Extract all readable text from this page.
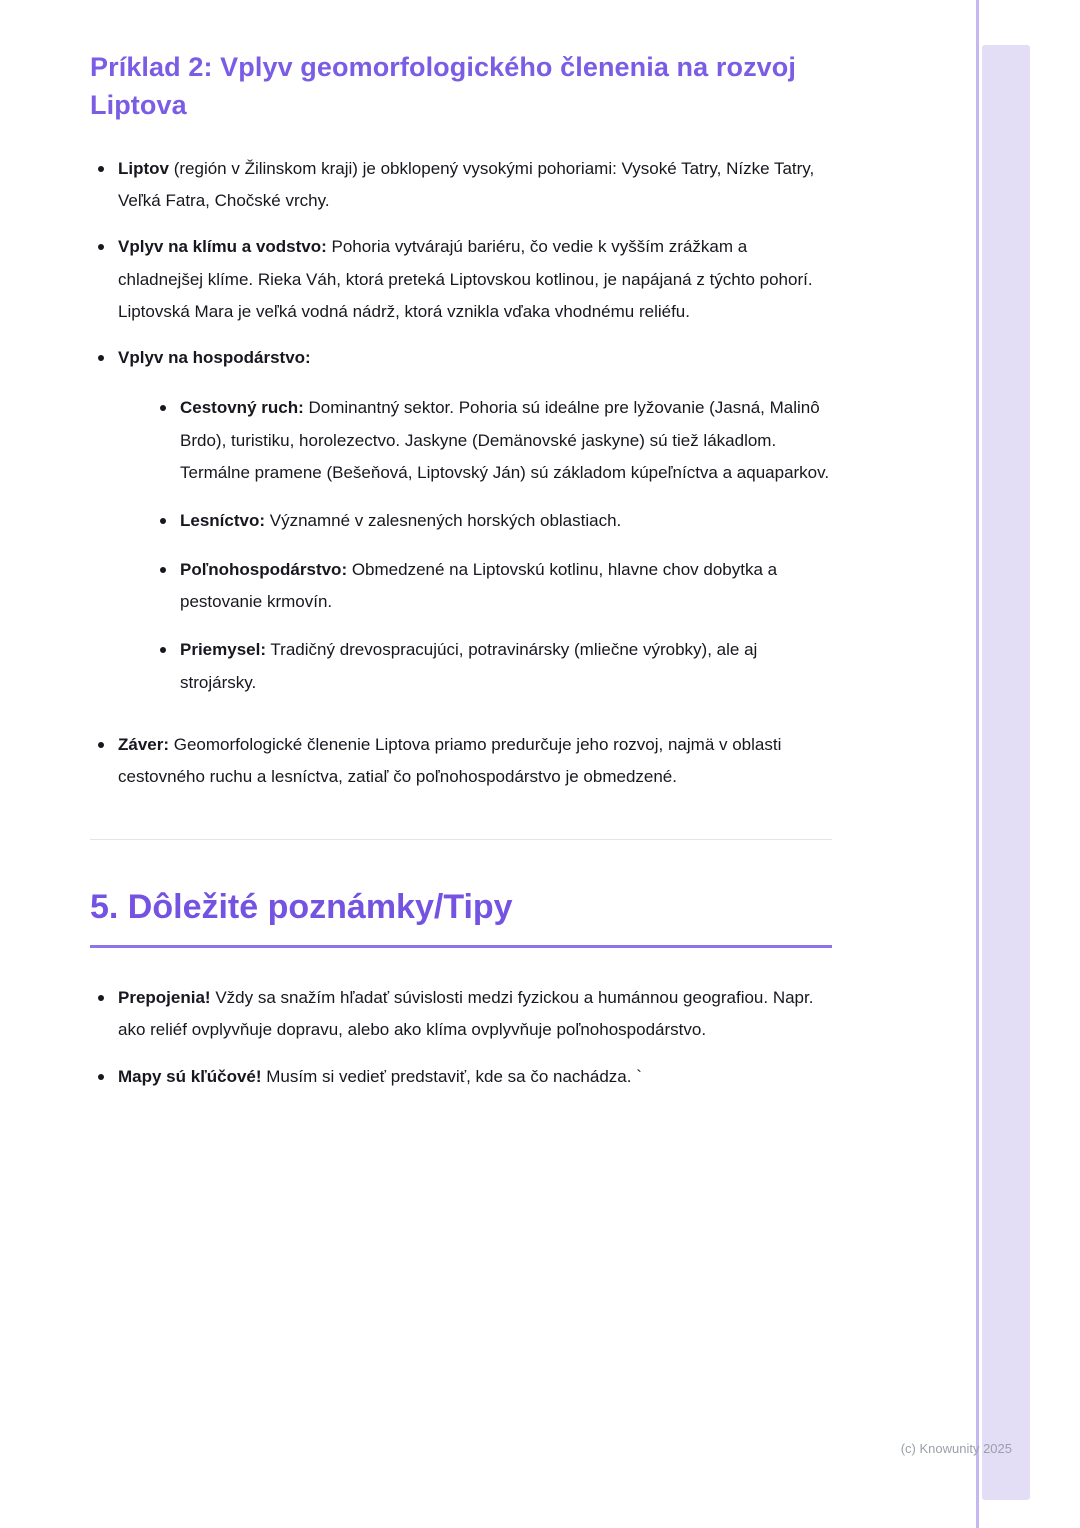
Príklad 2: Vplyv geomorfologického členenia na rozvoj Liptova

Liptov (región v Žilinskom kraji) je obklopený vysokými pohoriami: Vysoké Tatry, Nízke Tatry, Veľká Fatra, Chočské vrchy.

Vplyv na klímu a vodstvo: Pohoria vytvárajú bariéru, čo vedie k vyšším zrážkam a chladnejšej klíme. Rieka Váh, ktorá preteká Liptovskou kotlinou, je napájaná z týchto pohorí. Liptovská Mara je veľká vodná nádrž, ktorá vznikla vďaka vhodnému reliéfu.

Vplyv na hospodárstvo:

Cestovný ruch: Dominantný sektor. Pohoria sú ideálne pre lyžovanie (Jasná, Malinô Brdo), turistiku, horolezectvo. Jaskyne (Demänovské jaskyne) sú tiež lákadlom. Termálne pramene (Bešeňová, Liptovský Ján) sú základom kúpeľníctva a aquaparkov.

Lesníctvo: Významné v zalesnených horských oblastiach.

Poľnohospodárstvo: Obmedzené na Liptovskú kotlinu, hlavne chov dobytka a pestovanie krmovín.

Priemysel: Tradičný drevospracujúci, potravinársky (mliečne výrobky), ale aj strojársky.

Záver: Geomorfologické členenie Liptova priamo predurčuje jeho rozvoj, najmä v oblasti cestovného ruchu a lesníctva, zatiaľ čo poľnohospodárstvo je obmedzené.

5. Dôležité poznámky/Tipy

Prepojenia! Vždy sa snažím hľadať súvislosti medzi fyzickou a humánnou geografiou. Napr. ako reliéf ovplyvňuje dopravu, alebo ako klíma ovplyvňuje poľnohospodárstvo.

Mapy sú kľúčové! Musím si vedieť predstaviť, kde sa čo nachádza. `

(c) Knowunity 2025
